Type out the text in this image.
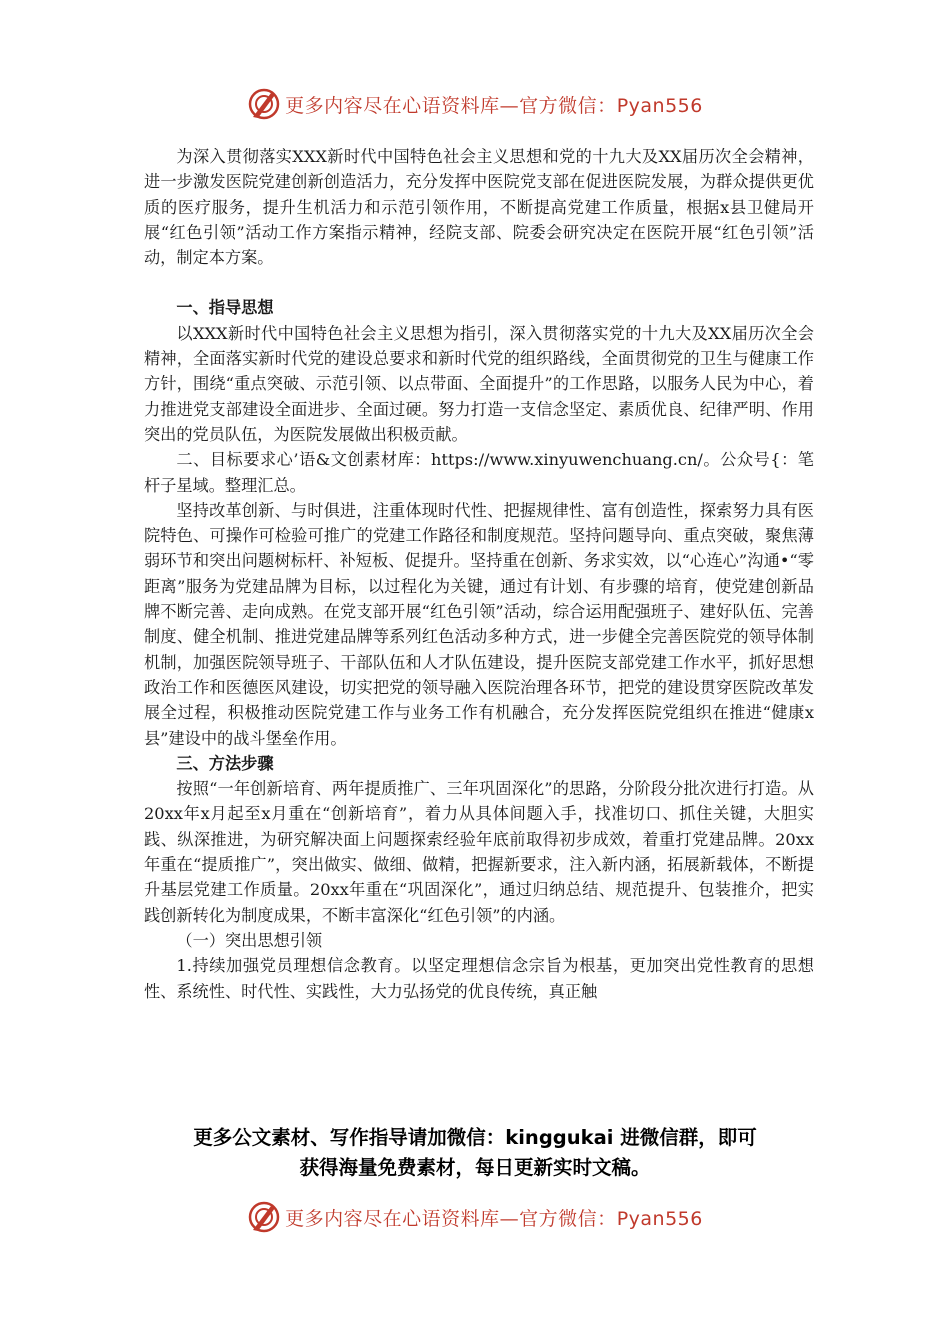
更多内容尽在心语资料库—官方微信：Pyan556

为深入贯彻落实XXX新时代中国特色社会主义思想和党的十九大及XX届历次全会精神，进一步激发医院党建创新创造活力，充分发挥中医院党支部在促进医院发展，为群众提供更优质的医疗服务，提升生机活力和示范引领作用，不断提高党建工作质量，根据x县卫健局开展“红色引领”活动工作方案指示精神，经院支部、院委会研究决定在医院开展“红色引领”活动，制定本方案。

一、指导思想

以XXX新时代中国特色社会主义思想为指引，深入贯彻落实党的十九大及XX届历次全会精神，全面落实新时代党的建设总要求和新时代党的组织路线，全面贯彻党的卫生与健康工作方针，围绕“重点突破、示范引领、以点带面、全面提升”的工作思路，以服务人民为中心，着力推进党支部建设全面进步、全面过硬。努力打造一支信念坚定、素质优良、纪律严明、作用突出的党员队伍，为医院发展做出积极贡献。

二、目标要求心’语&文创素材库：https://www.xinyuwenchuang.cn/。公众号{：笔杆子星域。整理汇总。

坚持改革创新、与时俱进，注重体现时代性、把握规律性、富有创造性，探索努力具有医院特色、可操作可检验可推广的党建工作路径和制度规范。坚持问题导向、重点突破，聚焦薄弱环节和突出问题树标杆、补短板、促提升。坚持重在创新、务求实效，以“心连心”沟通•“零距离”服务为党建品牌为目标，以过程化为关键，通过有计划、有步骤的培育，使党建创新品牌不断完善、走向成熟。在党支部开展“红色引领”活动，综合运用配强班子、建好队伍、完善制度、健全机制、推进党建品牌等系列红色活动多种方式，进一步健全完善医院党的领导体制机制，加强医院领导班子、干部队伍和人才队伍建设，提升医院支部党建工作水平，抓好思想政治工作和医德医风建设，切实把党的领导融入医院治理各环节，把党的建设贯穿医院改革发展全过程，积极推动医院党建工作与业务工作有机融合，充分发挥医院党组织在推进“健康x县”建设中的战斗堡垒作用。

三、方法步骤

按照“一年创新培育、两年提质推广、三年巩固深化”的思路，分阶段分批次进行打造。从20xx年x月起至x月重在“创新培育”，着力从具体间题入手，找准切口、抓住关键，大胆实践、纵深推进，为研究解决面上问题探索经验年底前取得初步成效，着重打党建品牌。20xx年重在“提质推广”，突出做实、做细、做精，把握新要求，注入新内涵，拓展新载体，不断提升基层党建工作质量。20xx年重在“巩固深化”，通过归纳总结、规范提升、包装推介，把实践创新转化为制度成果，不断丰富深化“红色引领”的内涵。

（一）突出思想引领

1.持续加强党员理想信念教育。以坚定理想信念宗旨为根基，更加突出党性教育的思想性、系统性、时代性、实践性，大力弘扬党的优良传统，真正触

更多公文素材、写作指导请加微信：kinggukai 进微信群，即可
获得海量免费素材，每日更新实时文稿。
更多内容尽在心语资料库—官方微信：Pyan556
